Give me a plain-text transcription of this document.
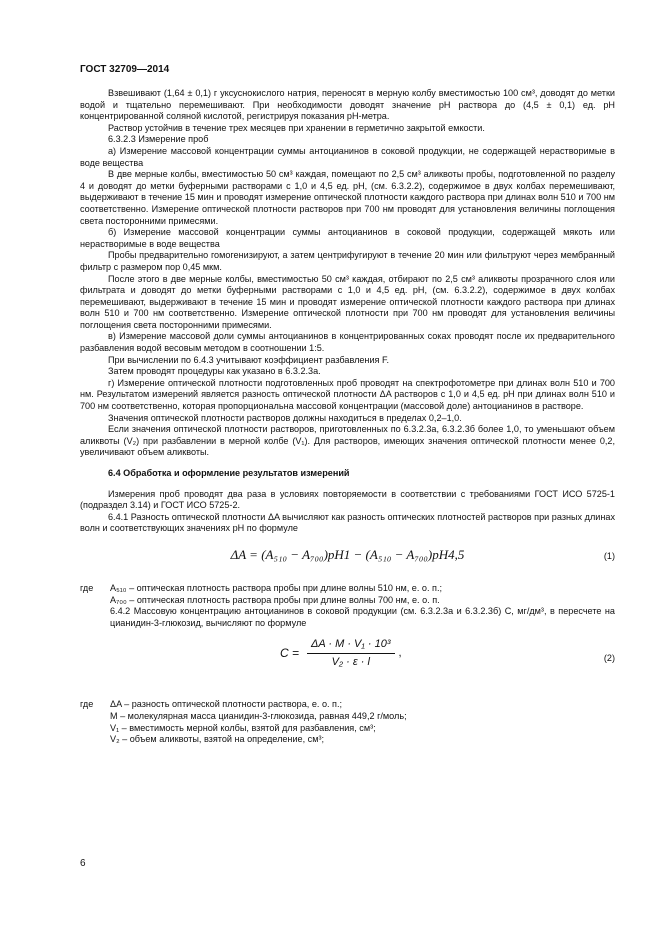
ГОСТ 32709—2014

Взвешивают (1,64 ± 0,1) г уксуснокислого натрия, переносят в мерную колбу вместимостью 100 см³, доводят до метки водой и тщательно перемешивают. При необходимости доводят значение pH раствора до (4,5 ± 0,1) ед. pH концентрированной соляной кислотой, регистрируя показания pH-метра.

Раствор устойчив в течение трех месяцев при хранении в герметично закрытой емкости.

6.3.2.3 Измерение проб

а) Измерение массовой концентрации суммы антоцианинов в соковой продукции, не содержащей нерастворимые в воде вещества

В две мерные колбы, вместимостью 50 см³ каждая, помещают по 2,5 см³ аликвоты пробы, подготовленной по разделу 4 и доводят до метки буферными растворами с 1,0 и 4,5 ед. pH, (см. 6.3.2.2), содержимое в двух колбах перемешивают, выдерживают в течение 15 мин и проводят измерение оптической плотности каждого раствора при длинах волн 510 и 700 нм соответственно. Измерение оптической плотности растворов при 700 нм проводят для установления величины поглощения света посторонними примесями.

б) Измерение массовой концентрации суммы антоцианинов в соковой продукции, содержащей мякоть или нерастворимые в воде вещества

Пробы предварительно гомогенизируют, а затем центрифугируют в течение 20 мин или фильтруют через мембранный фильтр с размером пор 0,45 мкм.

После этого в две мерные колбы, вместимостью 50 см³ каждая, отбирают по 2,5 см³ аликвоты прозрачного слоя или фильтрата и доводят до метки буферными растворами с 1,0 и 4,5 ед. pH, (см. 6.3.2.2), содержимое в двух колбах перемешивают, выдерживают в течение 15 мин и проводят измерение оптической плотности каждого раствора при длинах волн 510 и 700 нм соответственно. Измерение оптической плотности при 700 нм проводят для установления величины поглощения света посторонними примесями.

в) Измерение массовой доли суммы антоцианинов в концентрированных соках проводят после их предварительного разбавления водой весовым методом в соотношении 1:5.

При вычислении по 6.4.3 учитывают коэффициент разбавления F.

Затем проводят процедуры как указано в 6.3.2.3а.

г) Измерение оптической плотности подготовленных проб проводят на спектрофотометре при длинах волн 510 и 700 нм. Результатом измерений является разность оптической плотности ΔA растворов с 1,0 и 4,5 ед. pH при длинах волн 510 и 700 нм соответственно, которая пропорциональна массовой концентрации (массовой доле) антоцианинов в растворе.

Значения оптической плотности растворов должны находиться в пределах 0,2–1,0.

Если значения оптической плотности растворов, приготовленных по 6.3.2.3а, 6.3.2.3б более 1,0, то уменьшают объем аликвоты (V₂) при разбавлении в мерной колбе (V₁). Для растворов, имеющих значения оптической плотности менее 0,2, увеличивают объем аликвоты.

6.4 Обработка и оформление результатов измерений

Измерения проб проводят два раза в условиях повторяемости в соответствии с требованиями ГОСТ ИСО 5725-1 (подраздел 3.14) и ГОСТ ИСО 5725-2.

6.4.1 Разность оптической плотности ΔA вычисляют как разность оптических плотностей растворов при разных длинах волн и соответствующих значениях pH по формуле

ΔA = (A₅₁₀ − A₇₀₀)pH1 − (A₅₁₀ − A₇₀₀)pH4,5	(1)
где	A₅₁₀ – оптическая плотность раствора пробы при длине волны 510 нм, е. о. п.;
A₇₀₀ – оптическая плотность раствора пробы при длине волны 700 нм, е. о. п.

6.4.2 Массовую концентрацию антоцианинов в соковой продукции (см. 6.3.2.3а и 6.3.2.3б) C, мг/дм³, в пересчете на цианидин-3-глюкозид, вычисляют по формуле

$C = \frac{\text{ΔA · M · V₁ · 10³}}{\text{V₂ · ε · l}}$ ,	(2)
где	ΔA – разность оптической плотности раствора, е. о. п.;
M – молекулярная масса цианидин-3-глюкозида, равная 449,2 г/моль;
V₁ – вместимость мерной колбы, взятой для разбавления, см³;
V₂ – объем аликвоты, взятой на определение, см³;
6
